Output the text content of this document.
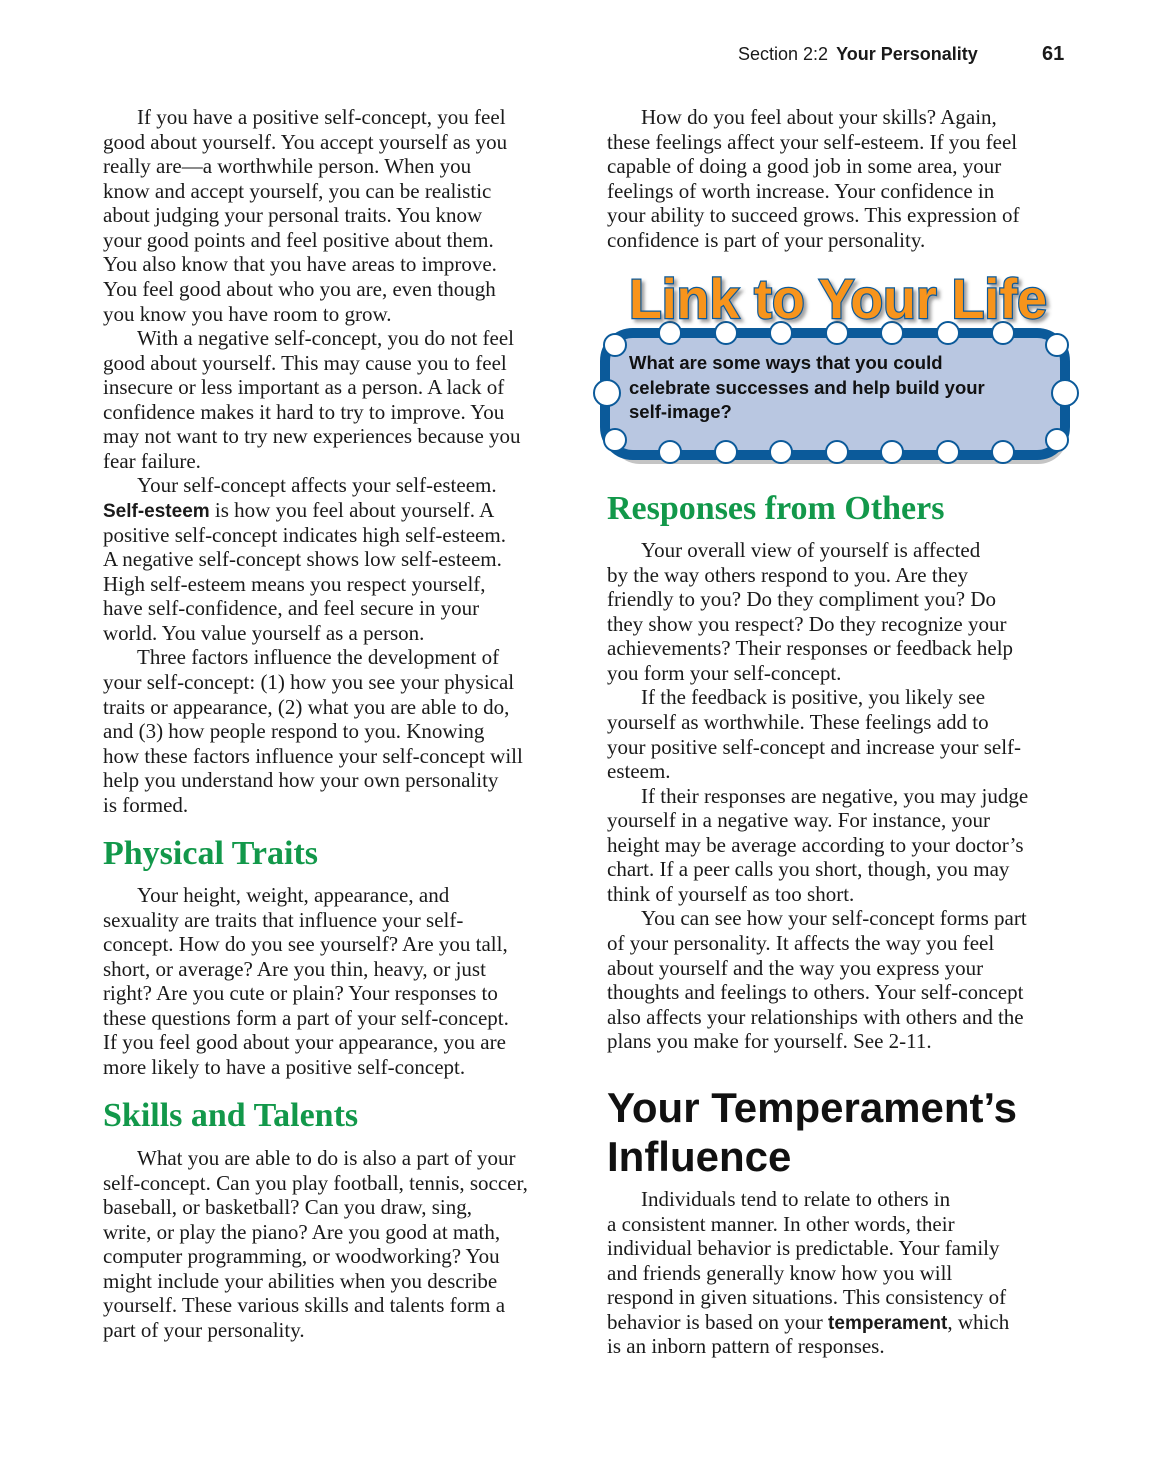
Section 2:2 Your Personality	61
If you have a positive self-concept, you feel
good about yourself. You accept yourself as you
really are—a worthwhile person. When you
know and accept yourself, you can be realistic
about judging your personal traits. You know
your good points and feel positive about them.
You also know that you have areas to improve.
You feel good about who you are, even though
you know you have room to grow.
With a negative self-concept, you do not feel
good about yourself. This may cause you to feel
insecure or less important as a person. A lack of
confidence makes it hard to try to improve. You
may not want to try new experiences because you
fear failure.
Your self-concept affects your self-esteem.
Self-esteem is how you feel about yourself. A
positive self-concept indicates high self-esteem.
A negative self-concept shows low self-esteem.
High self-esteem means you respect yourself,
have self-confidence, and feel secure in your
world. You value yourself as a person.
Three factors influence the development of
your self-concept: (1) how you see your physical
traits or appearance, (2) what you are able to do,
and (3) how people respond to you. Knowing
how these factors influence your self-concept will
help you understand how your own personality
is formed.
Physical Traits
Your height, weight, appearance, and
sexuality are traits that influence your self-
concept. How do you see yourself? Are you tall,
short, or average? Are you thin, heavy, or just
right? Are you cute or plain? Your responses to
these questions form a part of your self-concept.
If you feel good about your appearance, you are
more likely to have a positive self-concept.
Skills and Talents
What you are able to do is also a part of your
self-concept. Can you play football, tennis, soccer,
baseball, or basketball? Can you draw, sing,
write, or play the piano? Are you good at math,
computer programming, or woodworking? You
might include your abilities when you describe
yourself. These various skills and talents form a
part of your personality.
How do you feel about your skills? Again,
these feelings affect your self-esteem. If you feel
capable of doing a good job in some area, your
feelings of worth increase. Your confidence in
your ability to succeed grows. This expression of
confidence is part of your personality.
Link to Your Life
What are some ways that you could
celebrate successes and help build your
self-image?
Responses from Others
Your overall view of yourself is affected
by the way others respond to you. Are they
friendly to you? Do they compliment you? Do
they show you respect? Do they recognize your
achievements? Their responses or feedback help
you form your self-concept.
If the feedback is positive, you likely see
yourself as worthwhile. These feelings add to
your positive self-concept and increase your self-
esteem.
If their responses are negative, you may judge
yourself in a negative way. For instance, your
height may be average according to your doctor’s
chart. If a peer calls you short, though, you may
think of yourself as too short.
You can see how your self-concept forms part
of your personality. It affects the way you feel
about yourself and the way you express your
thoughts and feelings to others. Your self-concept
also affects your relationships with others and the
plans you make for yourself. See 2-11.
Your Temperament’s
Influence
Individuals tend to relate to others in
a consistent manner. In other words, their
individual behavior is predictable. Your family
and friends generally know how you will
respond in given situations. This consistency of
behavior is based on your temperament, which
is an inborn pattern of responses.
